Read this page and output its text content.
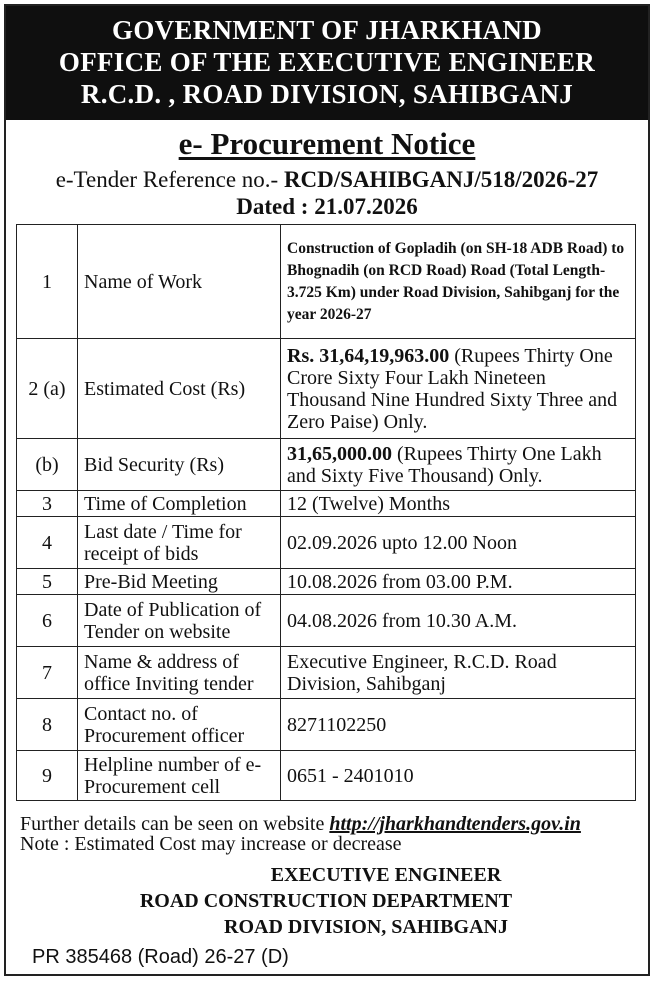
GOVERNMENT OF JHARKHAND
OFFICE OF THE EXECUTIVE ENGINEER
R.C.D. , ROAD DIVISION, SAHIBGANJ
e- Procurement Notice
e-Tender Reference no.- RCD/SAHIBGANJ/518/2026-27
Dated : 21.07.2026
1	Name of Work	Construction of Gopladih (on SH-18 ADB Road) to Bhognadih (on RCD Road) Road (Total Length-3.725 Km) under Road Division, Sahibganj for the year 2026-27
2 (a)	Estimated Cost (Rs)	Rs. 31,64,19,963.00 (Rupees Thirty One Crore Sixty Four Lakh Nineteen Thousand Nine Hundred Sixty Three and Zero Paise) Only.
(b)	Bid Security (Rs)	31,65,000.00 (Rupees Thirty One Lakh and Sixty Five Thousand) Only.
3	Time of Completion	12 (Twelve) Months
4	Last date / Time for receipt of bids	02.09.2026 upto 12.00 Noon
5	Pre-Bid Meeting	10.08.2026 from 03.00 P.M.
6	Date of Publication of Tender on website	04.08.2026 from 10.30 A.M.
7	Name & address of office Inviting tender	Executive Engineer, R.C.D. Road Division, Sahibganj
8	Contact no. of Procurement officer	8271102250
9	Helpline number of e- Procurement cell	0651 - 2401010
Further details can be seen on website http://jharkhandtenders.gov.in
Note : Estimated Cost may increase or decrease
EXECUTIVE ENGINEER
ROAD CONSTRUCTION DEPARTMENT
ROAD DIVISION, SAHIBGANJ
PR 385468 (Road) 26-27 (D)
